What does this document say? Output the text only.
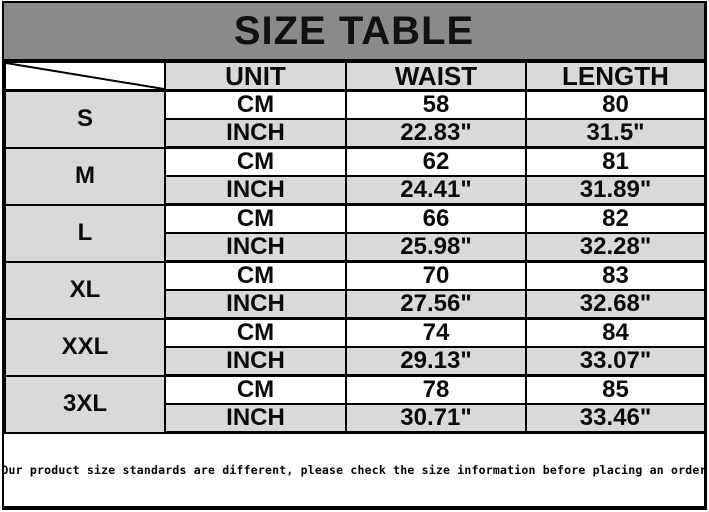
SIZE TABLE
	UNIT	WAIST	LENGTH
S	CM	58	80
	INCH	22.83"	31.5"
M	CM	62	81
	INCH	24.41"	31.89"
L	CM	66	82
	INCH	25.98"	32.28"
XL	CM	70	83
	INCH	27.56"	32.68"
XXL	CM	74	84
	INCH	29.13"	33.07"
3XL	CM	78	85
	INCH	30.71"	33.46"
Our product size standards are different, please check the size information before placing an order
